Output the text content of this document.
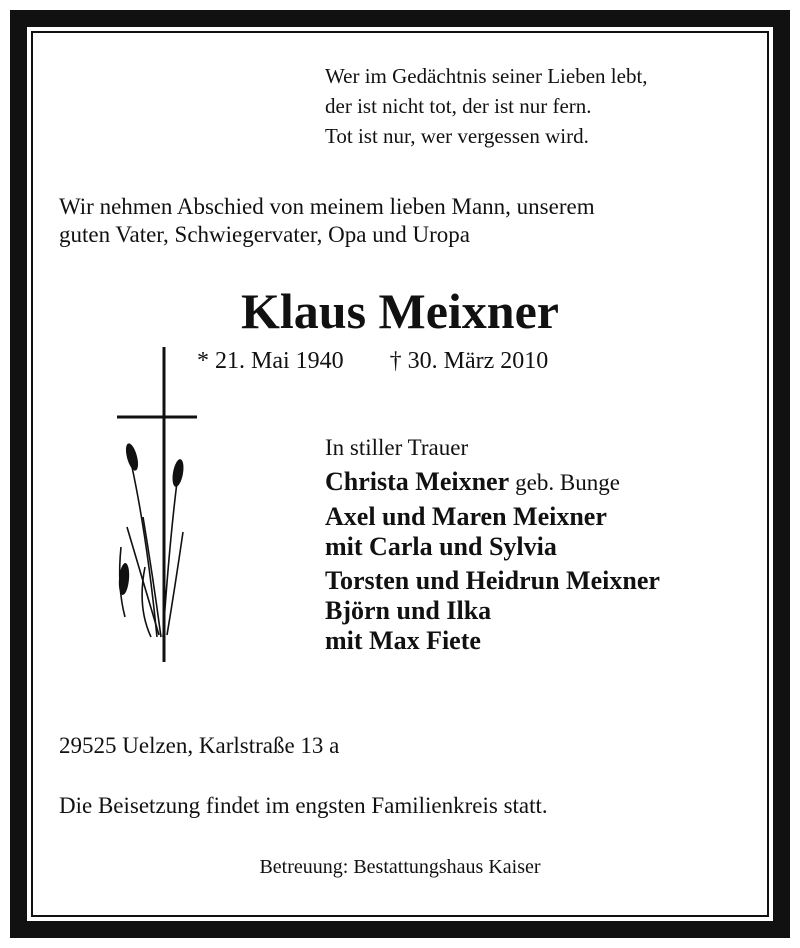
Wer im Gedächtnis seiner Lieben lebt,
der ist nicht tot, der ist nur fern.
Tot ist nur, wer vergessen wird.
Wir nehmen Abschied von meinem lieben Mann, unserem
guten Vater, Schwiegervater, Opa und Uropa
Klaus Meixner
* 21. Mai 1940 † 30. März 2010
In stiller Trauer
Christa Meixner geb. Bunge
Axel und Maren Meixner
mit Carla und Sylvia
Torsten und Heidrun Meixner
Björn und Ilka
mit Max Fiete
29525 Uelzen, Karlstraße 13 a
Die Beisetzung findet im engsten Familienkreis statt.
Betreuung: Bestattungshaus Kaiser
